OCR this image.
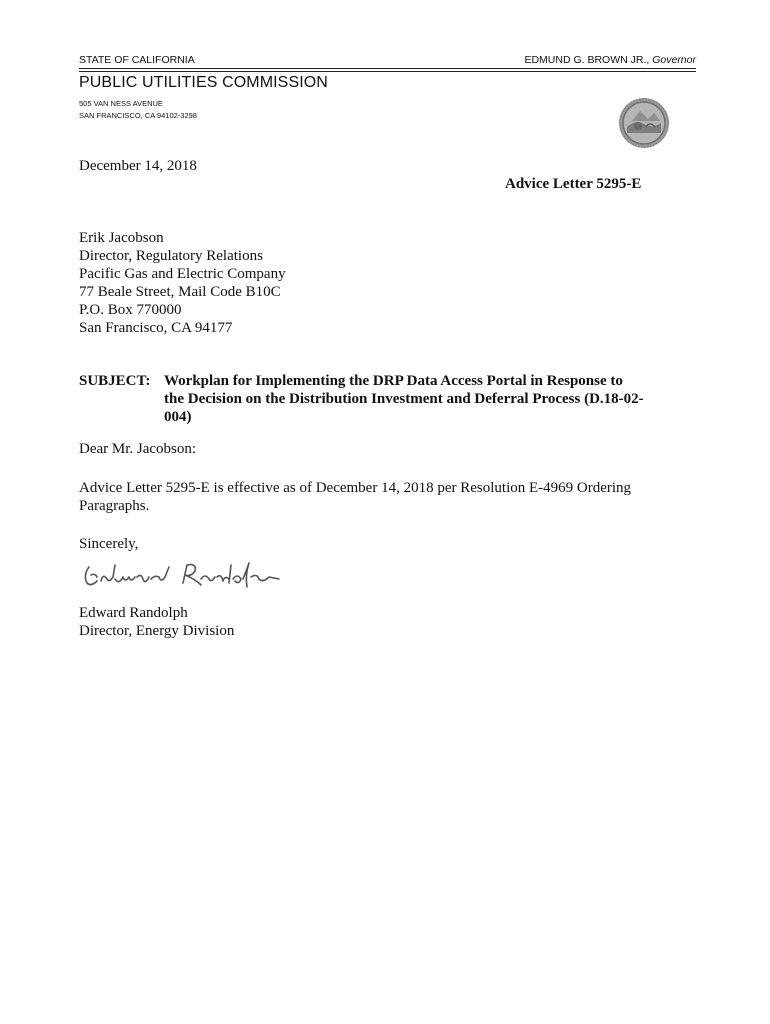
STATE OF CALIFORNIA	EDMUND G. BROWN JR., Governor
PUBLIC UTILITIES COMMISSION
505 VAN NESS AVENUE
SAN FRANCISCO, CA 94102-3298
December 14, 2018
Advice Letter 5295-E
Erik Jacobson
Director, Regulatory Relations
Pacific Gas and Electric Company
77 Beale Street, Mail Code B10C
P.O. Box 770000
San Francisco, CA 94177
SUBJECT: Workplan for Implementing the DRP Data Access Portal in Response to the Decision on the Distribution Investment and Deferral Process (D.18-02-004)
Dear Mr. Jacobson:
Advice Letter 5295-E is effective as of December 14, 2018 per Resolution E-4969 Ordering Paragraphs.
Sincerely,
Edward Randolph
Director, Energy Division
